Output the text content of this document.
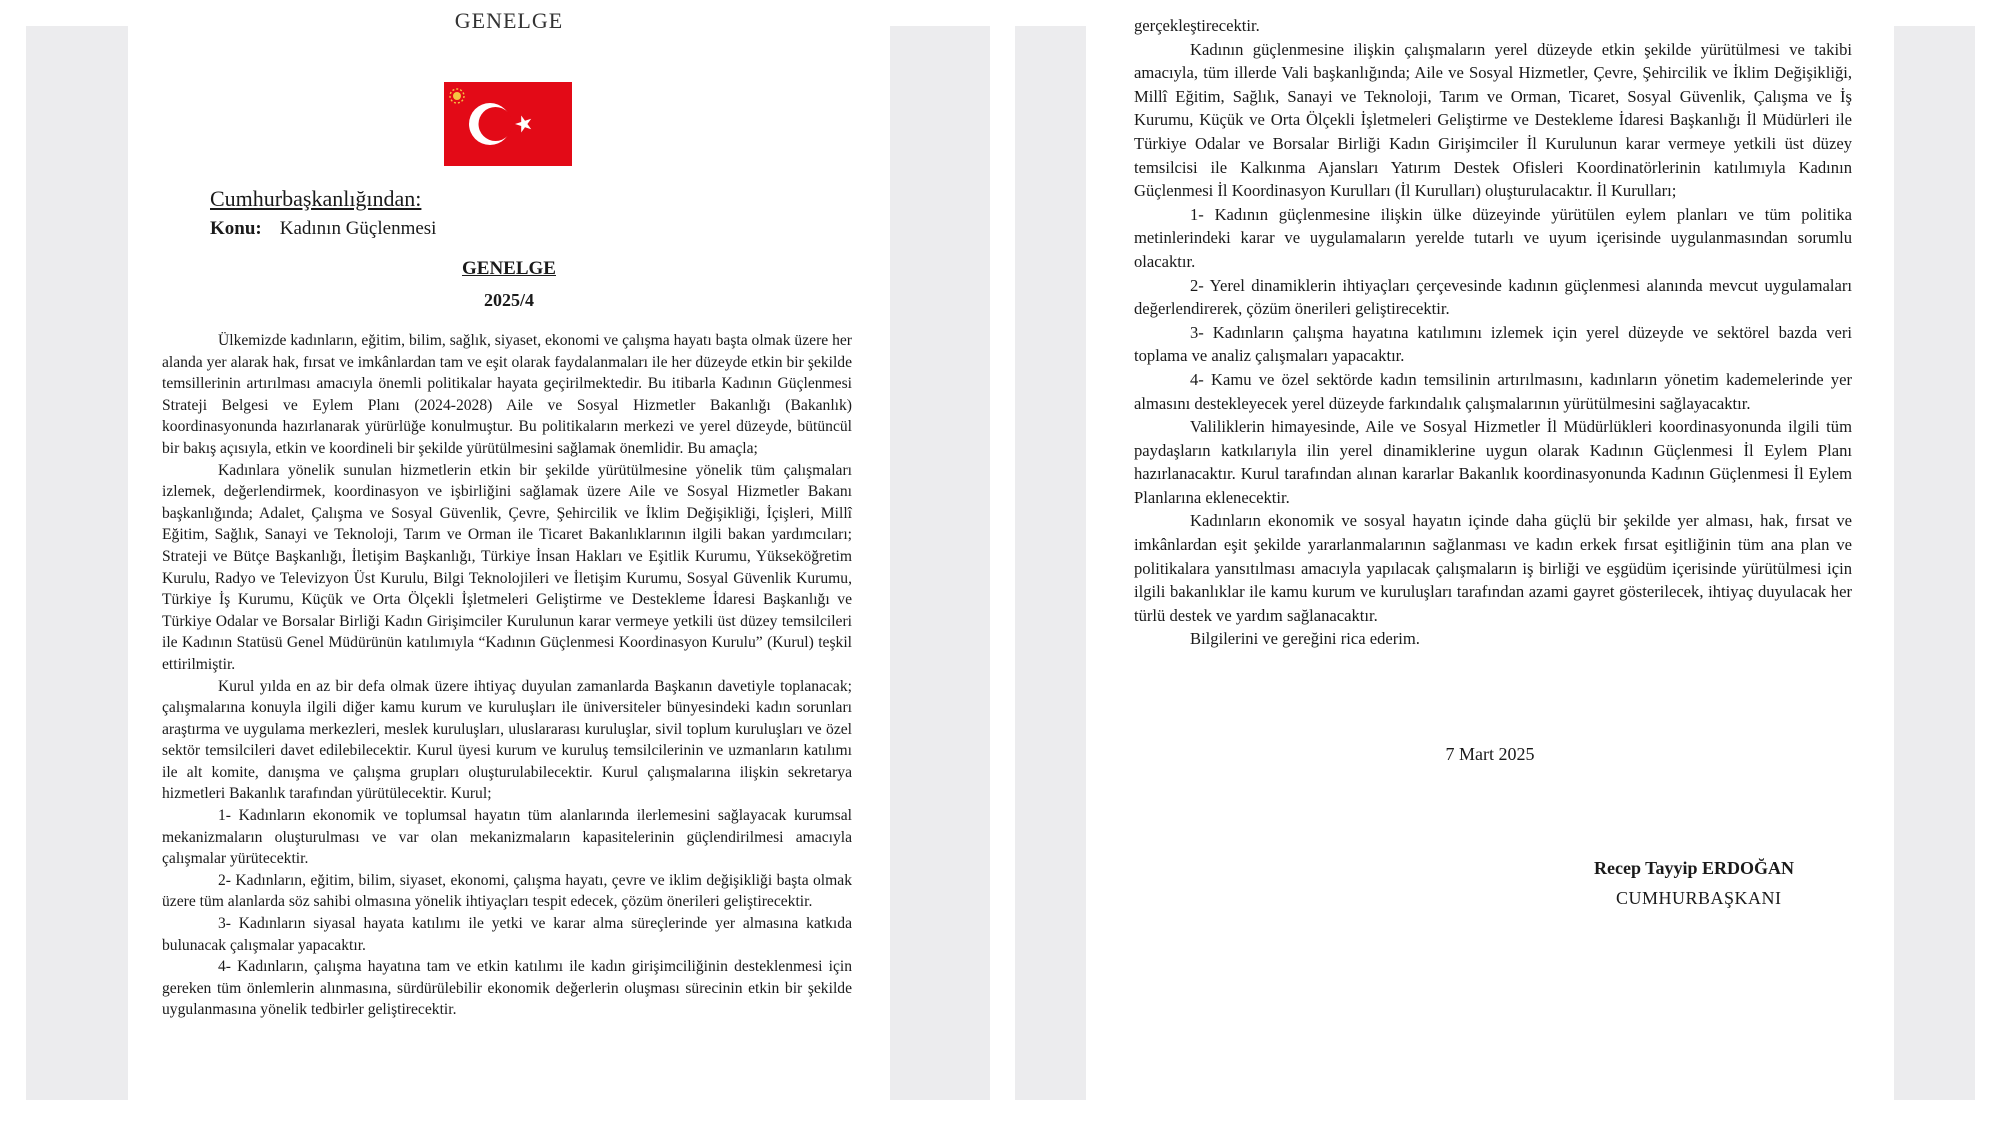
GENELGE
Cumhurbaşkanlığından:
Konu: Kadının Güçlenmesi
GENELGE
2025/4

Ülkemizde kadınların, eğitim, bilim, sağlık, siyaset, ekonomi ve çalışma hayatı başta olmak üzere her alanda yer alarak hak, fırsat ve imkânlardan tam ve eşit olarak faydalanmaları ile her düzeyde etkin bir şekilde temsillerinin artırılması amacıyla önemli politikalar hayata geçirilmektedir. Bu itibarla Kadının Güçlenmesi Strateji Belgesi ve Eylem Planı (2024-2028) Aile ve Sosyal Hizmetler Bakanlığı (Bakanlık) koordinasyonunda hazırlanarak yürürlüğe konulmuştur. Bu politikaların merkezi ve yerel düzeyde, bütüncül bir bakış açısıyla, etkin ve koordineli bir şekilde yürütülmesini sağlamak önemlidir. Bu amaçla;

Kadınlara yönelik sunulan hizmetlerin etkin bir şekilde yürütülmesine yönelik tüm çalışmaları izlemek, değerlendirmek, koordinasyon ve işbirliğini sağlamak üzere Aile ve Sosyal Hizmetler Bakanı başkanlığında; Adalet, Çalışma ve Sosyal Güvenlik, Çevre, Şehircilik ve İklim Değişikliği, İçişleri, Millî Eğitim, Sağlık, Sanayi ve Teknoloji, Tarım ve Orman ile Ticaret Bakanlıklarının ilgili bakan yardımcıları; Strateji ve Bütçe Başkanlığı, İletişim Başkanlığı, Türkiye İnsan Hakları ve Eşitlik Kurumu, Yükseköğretim Kurulu, Radyo ve Televizyon Üst Kurulu, Bilgi Teknolojileri ve İletişim Kurumu, Sosyal Güvenlik Kurumu, Türkiye İş Kurumu, Küçük ve Orta Ölçekli İşletmeleri Geliştirme ve Destekleme İdaresi Başkanlığı ve Türkiye Odalar ve Borsalar Birliği Kadın Girişimciler Kurulunun karar vermeye yetkili üst düzey temsilcileri ile Kadının Statüsü Genel Müdürünün katılımıyla “Kadının Güçlenmesi Koordinasyon Kurulu” (Kurul) teşkil ettirilmiştir.

Kurul yılda en az bir defa olmak üzere ihtiyaç duyulan zamanlarda Başkanın davetiyle toplanacak; çalışmalarına konuyla ilgili diğer kamu kurum ve kuruluşları ile üniversiteler bünyesindeki kadın sorunları araştırma ve uygulama merkezleri, meslek kuruluşları, uluslararası kuruluşlar, sivil toplum kuruluşları ve özel sektör temsilcileri davet edilebilecektir. Kurul üyesi kurum ve kuruluş temsilcilerinin ve uzmanların katılımı ile alt komite, danışma ve çalışma grupları oluşturulabilecektir. Kurul çalışmalarına ilişkin sekretarya hizmetleri Bakanlık tarafından yürütülecektir. Kurul;

1- Kadınların ekonomik ve toplumsal hayatın tüm alanlarında ilerlemesini sağlayacak kurumsal mekanizmaların oluşturulması ve var olan mekanizmaların kapasitelerinin güçlendirilmesi amacıyla çalışmalar yürütecektir.

2- Kadınların, eğitim, bilim, siyaset, ekonomi, çalışma hayatı, çevre ve iklim değişikliği başta olmak üzere tüm alanlarda söz sahibi olmasına yönelik ihtiyaçları tespit edecek, çözüm önerileri geliştirecektir.

3- Kadınların siyasal hayata katılımı ile yetki ve karar alma süreçlerinde yer almasına katkıda bulunacak çalışmalar yapacaktır.

4- Kadınların, çalışma hayatına tam ve etkin katılımı ile kadın girişimciliğinin desteklenmesi için gereken tüm önlemlerin alınmasına, sürdürülebilir ekonomik değerlerin oluşması sürecinin etkin bir şekilde uygulanmasına yönelik tedbirler geliştirecektir.

gerçekleştirecektir.

Kadının güçlenmesine ilişkin çalışmaların yerel düzeyde etkin şekilde yürütülmesi ve takibi amacıyla, tüm illerde Vali başkanlığında; Aile ve Sosyal Hizmetler, Çevre, Şehircilik ve İklim Değişikliği, Millî Eğitim, Sağlık, Sanayi ve Teknoloji, Tarım ve Orman, Ticaret, Sosyal Güvenlik, Çalışma ve İş Kurumu, Küçük ve Orta Ölçekli İşletmeleri Geliştirme ve Destekleme İdaresi Başkanlığı İl Müdürleri ile Türkiye Odalar ve Borsalar Birliği Kadın Girişimciler İl Kurulunun karar vermeye yetkili üst düzey temsilcisi ile Kalkınma Ajansları Yatırım Destek Ofisleri Koordinatörlerinin katılımıyla Kadının Güçlenmesi İl Koordinasyon Kurulları (İl Kurulları) oluşturulacaktır. İl Kurulları;

1- Kadının güçlenmesine ilişkin ülke düzeyinde yürütülen eylem planları ve tüm politika metinlerindeki karar ve uygulamaların yerelde tutarlı ve uyum içerisinde uygulanmasından sorumlu olacaktır.

2- Yerel dinamiklerin ihtiyaçları çerçevesinde kadının güçlenmesi alanında mevcut uygulamaları değerlendirerek, çözüm önerileri geliştirecektir.

3- Kadınların çalışma hayatına katılımını izlemek için yerel düzeyde ve sektörel bazda veri toplama ve analiz çalışmaları yapacaktır.

4- Kamu ve özel sektörde kadın temsilinin artırılmasını, kadınların yönetim kademelerinde yer almasını destekleyecek yerel düzeyde farkındalık çalışmalarının yürütülmesini sağlayacaktır.

Valiliklerin himayesinde, Aile ve Sosyal Hizmetler İl Müdürlükleri koordinasyonunda ilgili tüm paydaşların katkılarıyla ilin yerel dinamiklerine uygun olarak Kadının Güçlenmesi İl Eylem Planı hazırlanacaktır. Kurul tarafından alınan kararlar Bakanlık koordinasyonunda Kadının Güçlenmesi İl Eylem Planlarına eklenecektir.

Kadınların ekonomik ve sosyal hayatın içinde daha güçlü bir şekilde yer alması, hak, fırsat ve imkânlardan eşit şekilde yararlanmalarının sağlanması ve kadın erkek fırsat eşitliğinin tüm ana plan ve politikalara yansıtılması amacıyla yapılacak çalışmaların iş birliği ve eşgüdüm içerisinde yürütülmesi için ilgili bakanlıklar ile kamu kurum ve kuruluşları tarafından azami gayret gösterilecek, ihtiyaç duyulacak her türlü destek ve yardım sağlanacaktır.

Bilgilerini ve gereğini rica ederim.

7 Mart 2025
Recep Tayyip ERDOĞAN
CUMHURBAŞKANI
